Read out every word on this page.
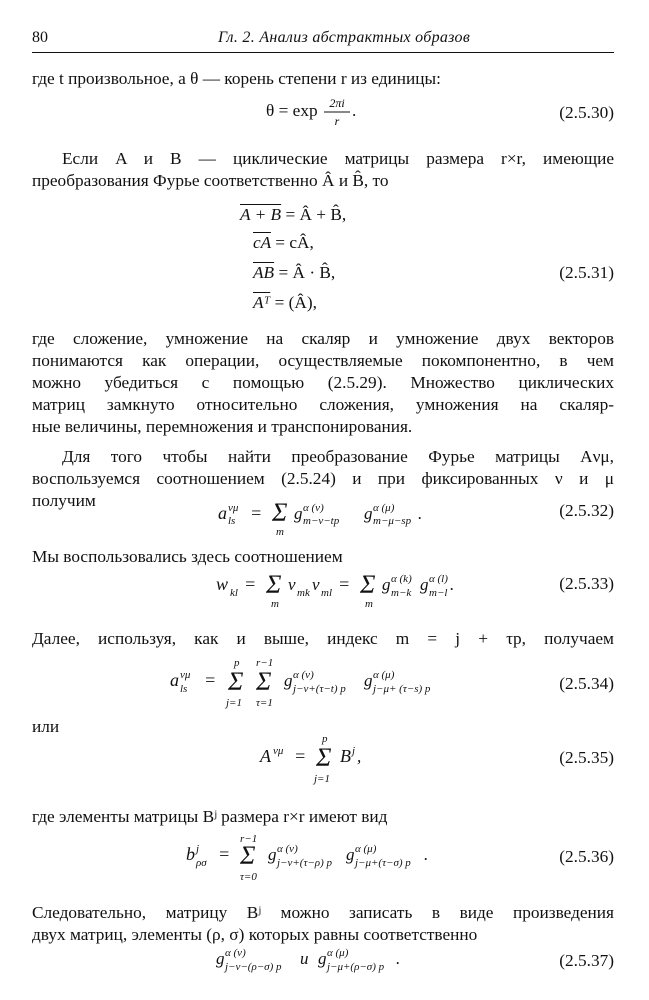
80	Гл. 2. Анализ абстрактных образов
где t произвольное, а θ — корень степени r из единицы:
θ = exp 2πi
r
.	(2.5.30)
Если A и B — циклические матрицы размера r×r, имеющие
преобразования Фурье соответственно Â и B̂, то
A + B = Â + B̂,
$\overline{cA}$ = cÂ,
$\overline{AB}$ = Â · B̂,
$\overline{Aᵀ}$ = (Â),
(2.5.31)
где сложение, умножение на скаляр и умножение двух векторов
понимаются как операции, осуществляемые покомпонентно, в чем
можно убедиться с помощью (2.5.29). Множество циклических
матриц замкнуто относительно сложения, умножения на скаляр-
ные величины, перемножения и транспонирования.
Для того чтобы найти преобразование Фурье матрицы Aνμ,
воспользуемся соотношением (2.5.24) и при фиксированных ν и μ
получим
a νμ
ls = Σ
m
g α (ν)
m−ν−tp g α (μ)
m−μ−sp .	(2.5.32)
Мы воспользовались здесь соотношением
w kl = Σ
m
v mk v ml = Σ
m
g α (k)
m−k g α (l)
m−l .	(2.5.33)
Далее, используя, как и выше, индекс m = j + τp, получаем
a νμ
ls =
p
Σ
j=1
r−1
Σ
τ=1
g α (ν)
j−ν+(τ−t) p g α (μ)
j−μ+ (τ−s) p	(2.5.34)
или
A νμ =
p
Σ
j=1
B j ,	(2.5.35)
где элементы матрицы Bʲ размера r×r имеют вид
b j
ρσ =
r−1
Σ
τ=0
g α (ν)
j−ν+(τ−ρ) p g α (μ)
j−μ+(τ−σ) p .	(2.5.36)
Следовательно, матрицу Bʲ можно записать в виде произведения
двух матриц, элементы (ρ, σ) которых равны соответственно
g α (ν)
j−ν−(ρ−σ) p и g α (μ)
j−μ+(ρ−σ) p .	(2.5.37)
